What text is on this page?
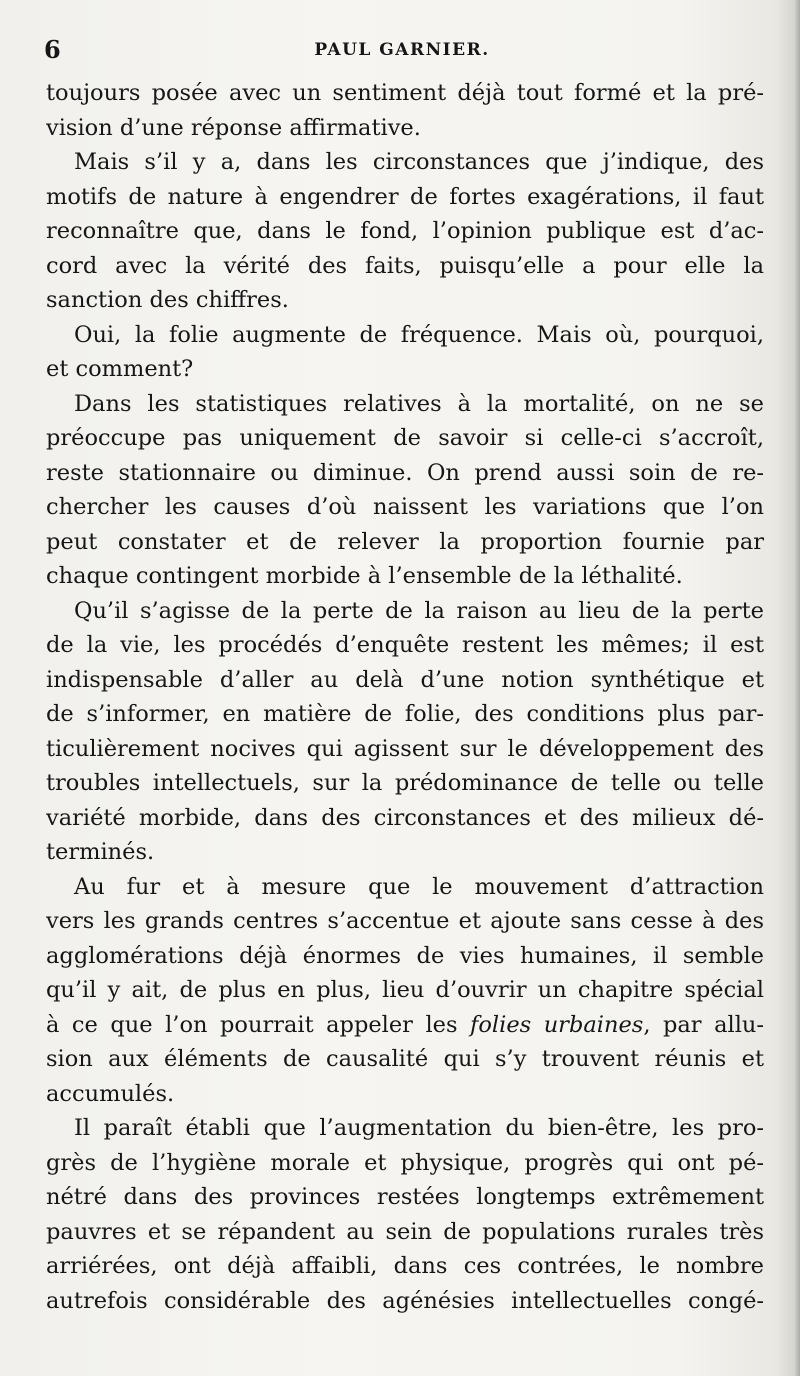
6	PAUL GARNIER.
toujours posée avec un sentiment déjà tout formé et la pré-
vision d’une réponse affirmative.
Mais s’il y a, dans les circonstances que j’indique, des
motifs de nature à engendrer de fortes exagérations, il faut
reconnaître que, dans le fond, l’opinion publique est d’ac-
cord avec la vérité des faits, puisqu’elle a pour elle la
sanction des chiffres.
Oui, la folie augmente de fréquence. Mais où, pourquoi,
et comment?
Dans les statistiques relatives à la mortalité, on ne se
préoccupe pas uniquement de savoir si celle-ci s’accroît,
reste stationnaire ou diminue. On prend aussi soin de re-
chercher les causes d’où naissent les variations que l’on
peut constater et de relever la proportion fournie par
chaque contingent morbide à l’ensemble de la léthalité.
Qu’il s’agisse de la perte de la raison au lieu de la perte
de la vie, les procédés d’enquête restent les mêmes; il est
indispensable d’aller au delà d’une notion synthétique et
de s’informer, en matière de folie, des conditions plus par-
ticulièrement nocives qui agissent sur le développement des
troubles intellectuels, sur la prédominance de telle ou telle
variété morbide, dans des circonstances et des milieux dé-
terminés.
Au fur et à mesure que le mouvement d’attraction
vers les grands centres s’accentue et ajoute sans cesse à des
agglomérations déjà énormes de vies humaines, il semble
qu’il y ait, de plus en plus, lieu d’ouvrir un chapitre spécial
à ce que l’on pourrait appeler les folies urbaines, par allu-
sion aux éléments de causalité qui s’y trouvent réunis et
accumulés.
Il paraît établi que l’augmentation du bien-être, les pro-
grès de l’hygiène morale et physique, progrès qui ont pé-
nétré dans des provinces restées longtemps extrêmement
pauvres et se répandent au sein de populations rurales très
arriérées, ont déjà affaibli, dans ces contrées, le nombre
autrefois considérable des agénésies intellectuelles congé-
